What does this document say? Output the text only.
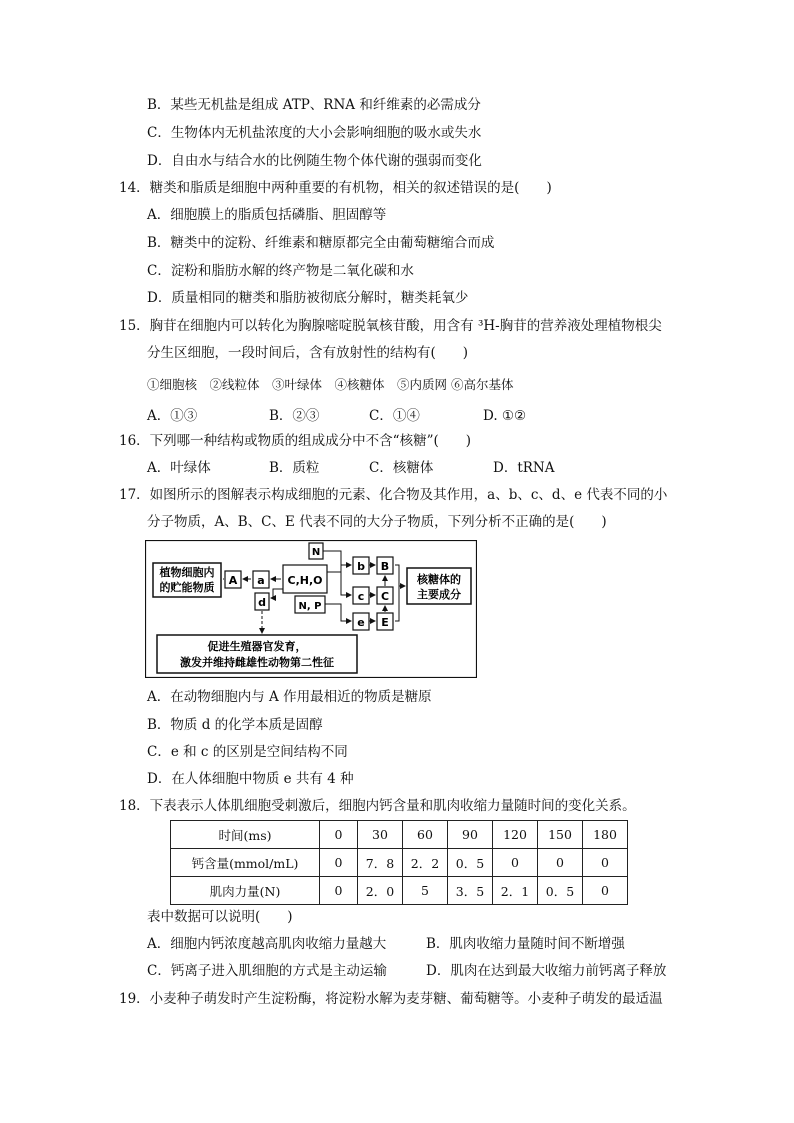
B．某些无机盐是组成 ATP、RNA 和纤维素的必需成分
C．生物体内无机盐浓度的大小会影响细胞的吸水或失水
D．自由水与结合水的比例随生物个体代谢的强弱而变化
14．糖类和脂质是细胞中两种重要的有机物，相关的叙述错误的是(　　)
A．细胞膜上的脂质包括磷脂、胆固醇等
B．糖类中的淀粉、纤维素和糖原都完全由葡萄糖缩合而成
C．淀粉和脂肪水解的终产物是二氧化碳和水
D．质量相同的糖类和脂肪被彻底分解时，糖类耗氧少
15．胸苷在细胞内可以转化为胸腺嘧啶脱氧核苷酸，用含有 ³H-胸苷的营养液处理植物根尖
分生区细胞，一段时间后，含有放射性的结构有(　　)
①细胞核　②线粒体　③叶绿体　④核糖体　⑤内质网 ⑥高尔基体
A．①③	B．②③	C．①④	D. ①②
16．下列哪一种结构或物质的组成成分中不含“核糖”(　　)
A．叶绿体	B．质粒	C．核糖体	D．tRNA
17．如图所示的图解表示构成细胞的元素、化合物及其作用，a、b、c、d、e 代表不同的小
分子物质，A、B、C、E 代表不同的大分子物质，下列分析不正确的是(　　)
植物细胞内
的贮能物质
A a C,H,O
N
N, P
d
b
c
e
B
C
E
核糖体的
主要成分
促进生殖器官发育，
激发并维持雌雄性动物第二性征
A．在动物细胞内与 A 作用最相近的物质是糖原
B．物质 d 的化学本质是固醇
C．e 和 c 的区别是空间结构不同
D．在人体细胞中物质 e 共有 4 种
18．下表表示人体肌细胞受刺激后，细胞内钙含量和肌肉收缩力量随时间的变化关系。
时间(ms)	0	30	60	90	120	150	180
钙含量(mmol/mL)	0	7．8	2．2	0．5	0	0	0
肌肉力量(N)	0	2．0	5	3．5	2．1	0．5	0
表中数据可以说明(　　)
A．细胞内钙浓度越高肌肉收缩力量越大	B．肌肉收缩力量随时间不断增强
C．钙离子进入肌细胞的方式是主动运输	D．肌肉在达到最大收缩力前钙离子释放
19．小麦种子萌发时产生淀粉酶，将淀粉水解为麦芽糖、葡萄糖等。小麦种子萌发的最适温
